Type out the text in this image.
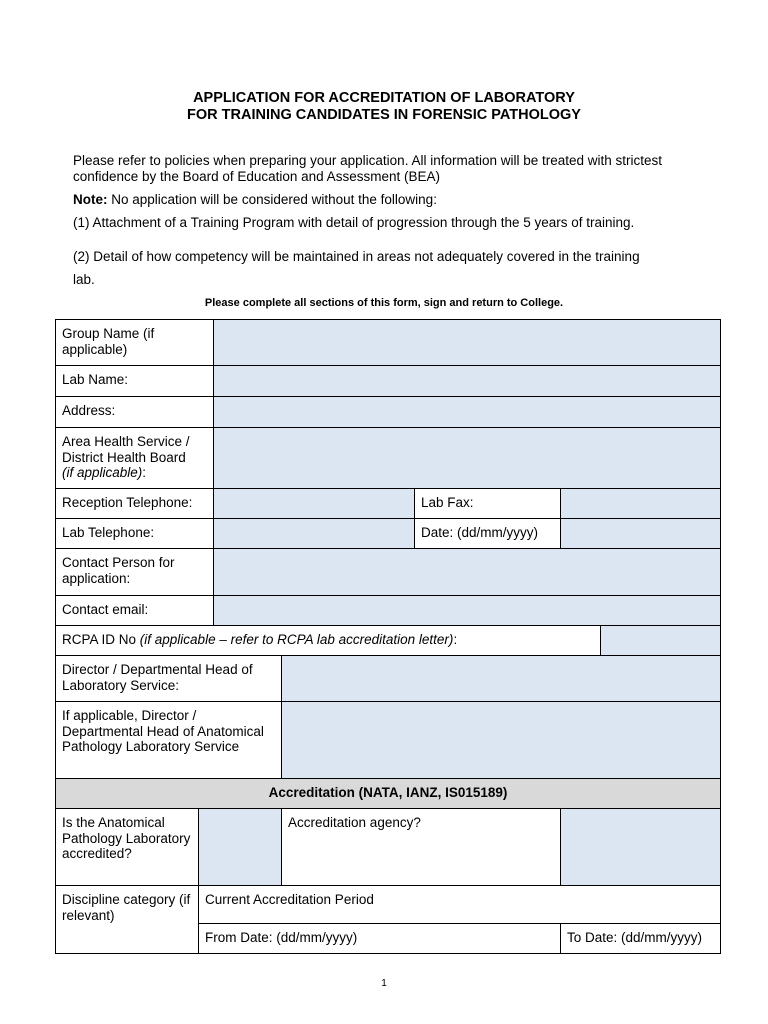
APPLICATION FOR ACCREDITATION OF LABORATORY
FOR TRAINING CANDIDATES IN FORENSIC PATHOLOGY
Please refer to policies when preparing your application. All information will be treated with strictest
confidence by the Board of Education and Assessment (BEA)
Note: No application will be considered without the following:
(1) Attachment of a Training Program with detail of progression through the 5 years of training.
(2) Detail of how competency will be maintained in areas not adequately covered in the training
lab.
Please complete all sections of this form, sign and return to College.
Group Name (if applicable)						
Lab Name:						
Address:						
Area Health Service / District Health Board
(if applicable):						
Reception Telephone:				Lab Fax:		
Lab Telephone:				Date: (dd/mm/yyyy)		
Contact Person for application:						
Contact email:						
RCPA ID No (if applicable – refer to RCPA lab accreditation letter):						
Director / Departmental Head of Laboratory Service:						
If applicable, Director / Departmental Head of Anatomical Pathology Laboratory Service						
Accreditation (NATA, IANZ, IS015189)						
Is the Anatomical Pathology Laboratory accredited?			Accreditation agency?			
Discipline category (if relevant)	Current Accreditation Period					
	From Date: (dd/mm/yyyy)				To Date: (dd/mm/yyyy)	
1
